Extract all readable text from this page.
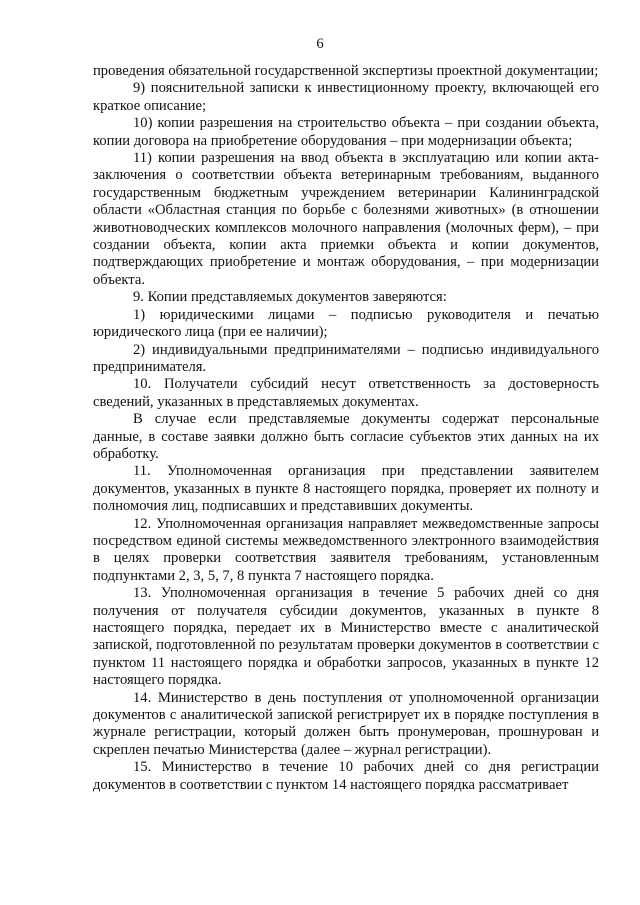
6

проведения обязательной государственной экспертизы проектной документации;

9) пояснительной записки к инвестиционному проекту, включающей его краткое описание;

10) копии разрешения на строительство объекта – при создании объекта, копии договора на приобретение оборудования – при модернизации объекта;

11) копии разрешения на ввод объекта в эксплуатацию или копии акта-заключения о соответствии объекта ветеринарным требованиям, выданного государственным бюджетным учреждением ветеринарии Калининградской области «Областная станция по борьбе с болезнями животных» (в отношении животноводческих комплексов молочного направления (молочных ферм), – при создании объекта, копии акта приемки объекта и копии документов, подтверждающих приобретение и монтаж оборудования, – при модернизации объекта.

9. Копии представляемых документов заверяются:

1) юридическими лицами – подписью руководителя и печатью юридического лица (при ее наличии);

2) индивидуальными предпринимателями – подписью индивидуального предпринимателя.

10. Получатели субсидий несут ответственность за достоверность сведений, указанных в представляемых документах.

В случае если представляемые документы содержат персональные данные, в составе заявки должно быть согласие субъектов этих данных на их обработку.

11. Уполномоченная организация при представлении заявителем документов, указанных в пункте 8 настоящего порядка, проверяет их полноту и полномочия лиц, подписавших и представивших документы.

12. Уполномоченная организация направляет межведомственные запросы посредством единой системы межведомственного электронного взаимодействия в целях проверки соответствия заявителя требованиям, установленным подпунктами 2, 3, 5, 7, 8 пункта 7 настоящего порядка.

13. Уполномоченная организация в течение 5 рабочих дней со дня получения от получателя субсидии документов, указанных в пункте 8 настоящего порядка, передает их в Министерство вместе с аналитической запиской, подготовленной по результатам проверки документов в соответствии с пунктом 11 настоящего порядка и обработки запросов, указанных в пункте 12 настоящего порядка.

14. Министерство в день поступления от уполномоченной организации документов с аналитической запиской регистрирует их в порядке поступления в журнале регистрации, который должен быть пронумерован, прошнурован и скреплен печатью Министерства (далее – журнал регистрации).

15. Министерство в течение 10 рабочих дней со дня регистрации документов в соответствии с пунктом 14 настоящего порядка рассматривает
